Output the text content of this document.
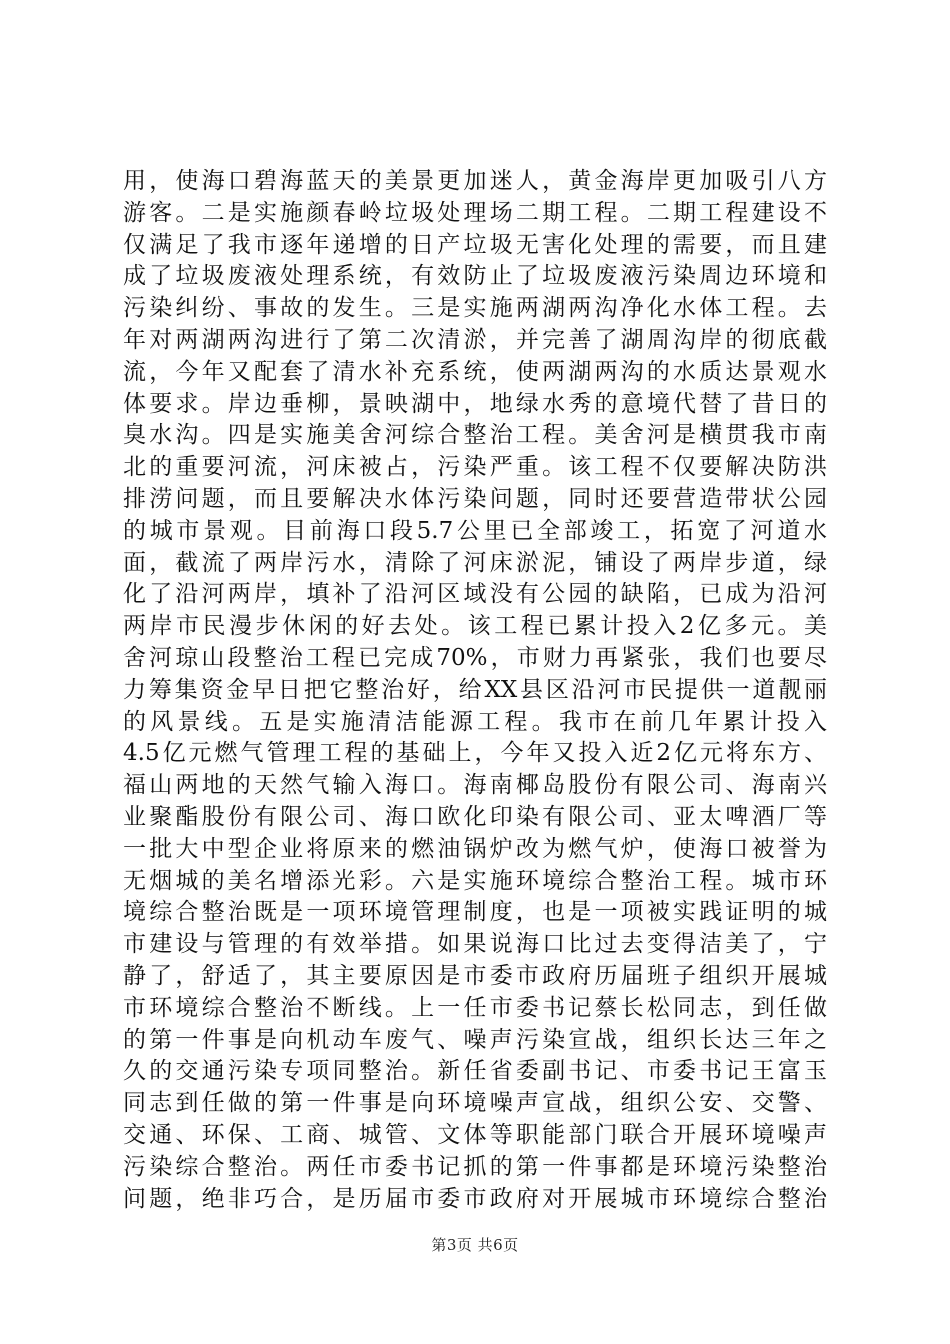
用，使海口碧海蓝天的美景更加迷人，黄金海岸更加吸引八方
游客。二是实施颜春岭垃圾处理场二期工程。二期工程建设不
仅满足了我市逐年递增的日产垃圾无害化处理的需要，而且建
成了垃圾废液处理系统，有效防止了垃圾废液污染周边环境和
污染纠纷、事故的发生。三是实施两湖两沟净化水体工程。去
年对两湖两沟进行了第二次清淤，并完善了湖周沟岸的彻底截
流，今年又配套了清水补充系统，使两湖两沟的水质达景观水
体要求。岸边垂柳，景映湖中，地绿水秀的意境代替了昔日的
臭水沟。四是实施美舍河综合整治工程。美舍河是横贯我市南
北的重要河流，河床被占，污染严重。该工程不仅要解决防洪
排涝问题，而且要解决水体污染问题，同时还要营造带状公园
的城市景观。目前海口段5.7公里已全部竣工，拓宽了河道水
面，截流了两岸污水，清除了河床淤泥，铺设了两岸步道，绿
化了沿河两岸，填补了沿河区域没有公园的缺陷，已成为沿河
两岸市民漫步休闲的好去处。该工程已累计投入2亿多元。美
舍河琼山段整治工程已完成70%，市财力再紧张，我们也要尽
力筹集资金早日把它整治好，给XX县区沿河市民提供一道靓丽
的风景线。五是实施清洁能源工程。我市在前几年累计投入
4.5亿元燃气管理工程的基础上，今年又投入近2亿元将东方、
福山两地的天然气输入海口。海南椰岛股份有限公司、海南兴
业聚酯股份有限公司、海口欧化印染有限公司、亚太啤酒厂等
一批大中型企业将原来的燃油锅炉改为燃气炉，使海口被誉为
无烟城的美名增添光彩。六是实施环境综合整治工程。城市环
境综合整治既是一项环境管理制度，也是一项被实践证明的城
市建设与管理的有效举措。如果说海口比过去变得洁美了，宁
静了，舒适了，其主要原因是市委市政府历届班子组织开展城
市环境综合整治不断线。上一任市委书记蔡长松同志，到任做
的第一件事是向机动车废气、噪声污染宣战，组织长达三年之
久的交通污染专项同整治。新任省委副书记、市委书记王富玉
同志到任做的第一件事是向环境噪声宣战，组织公安、交警、
交通、环保、工商、城管、文体等职能部门联合开展环境噪声
污染综合整治。两任市委书记抓的第一件事都是环境污染整治
问题，绝非巧合，是历届市委市政府对开展城市环境综合整治
第3页 共6页
